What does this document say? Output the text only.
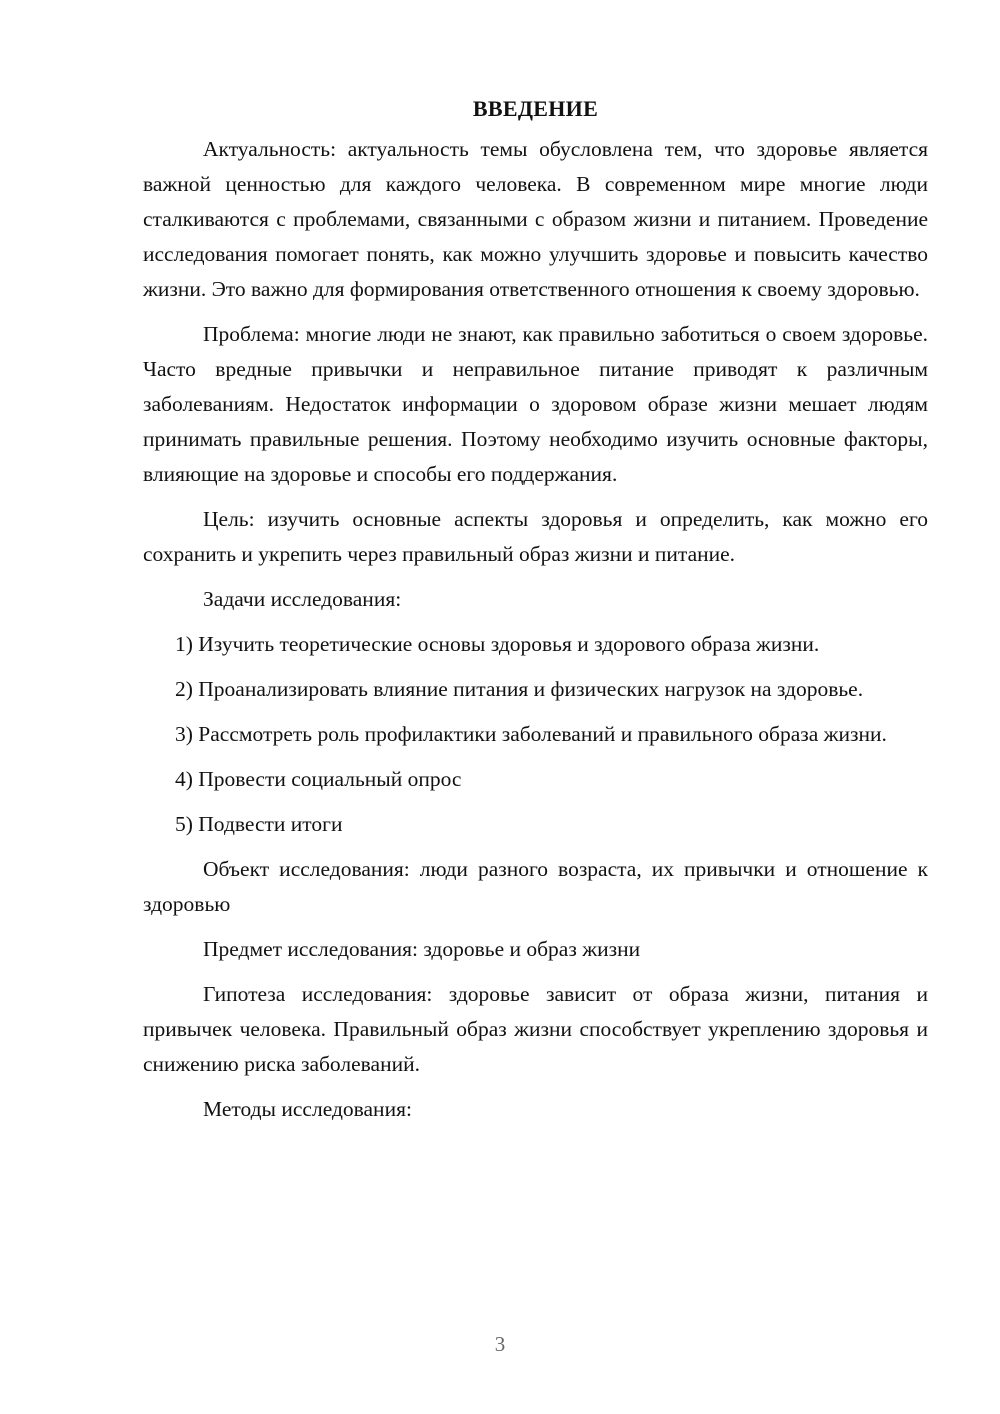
ВВЕДЕНИЕ

Актуальность: актуальность темы обусловлена тем, что здоровье является важной ценностью для каждого человека. В современном мире многие люди сталкиваются с проблемами, связанными с образом жизни и питанием. Проведение исследования помогает понять, как можно улучшить здоровье и повысить качество жизни. Это важно для формирования ответственного отношения к своему здоровью.

Проблема: многие люди не знают, как правильно заботиться о своем здоровье. Часто вредные привычки и неправильное питание приводят к различным заболеваниям. Недостаток информации о здоровом образе жизни мешает людям принимать правильные решения. Поэтому необходимо изучить основные факторы, влияющие на здоровье и способы его поддержания.

Цель: изучить основные аспекты здоровья и определить, как можно его сохранить и укрепить через правильный образ жизни и питание.

Задачи исследования:

1) Изучить теоретические основы здоровья и здорового образа жизни.

2) Проанализировать влияние питания и физических нагрузок на здоровье.

3) Рассмотреть роль профилактики заболеваний и правильного образа жизни.

4) Провести социальный опрос

5) Подвести итоги

Объект исследования: люди разного возраста, их привычки и отношение к здоровью

Предмет исследования: здоровье и образ жизни

Гипотеза исследования: здоровье зависит от образа жизни, питания и привычек человека. Правильный образ жизни способствует укреплению здоровья и снижению риска заболеваний.

Методы исследования:

3
